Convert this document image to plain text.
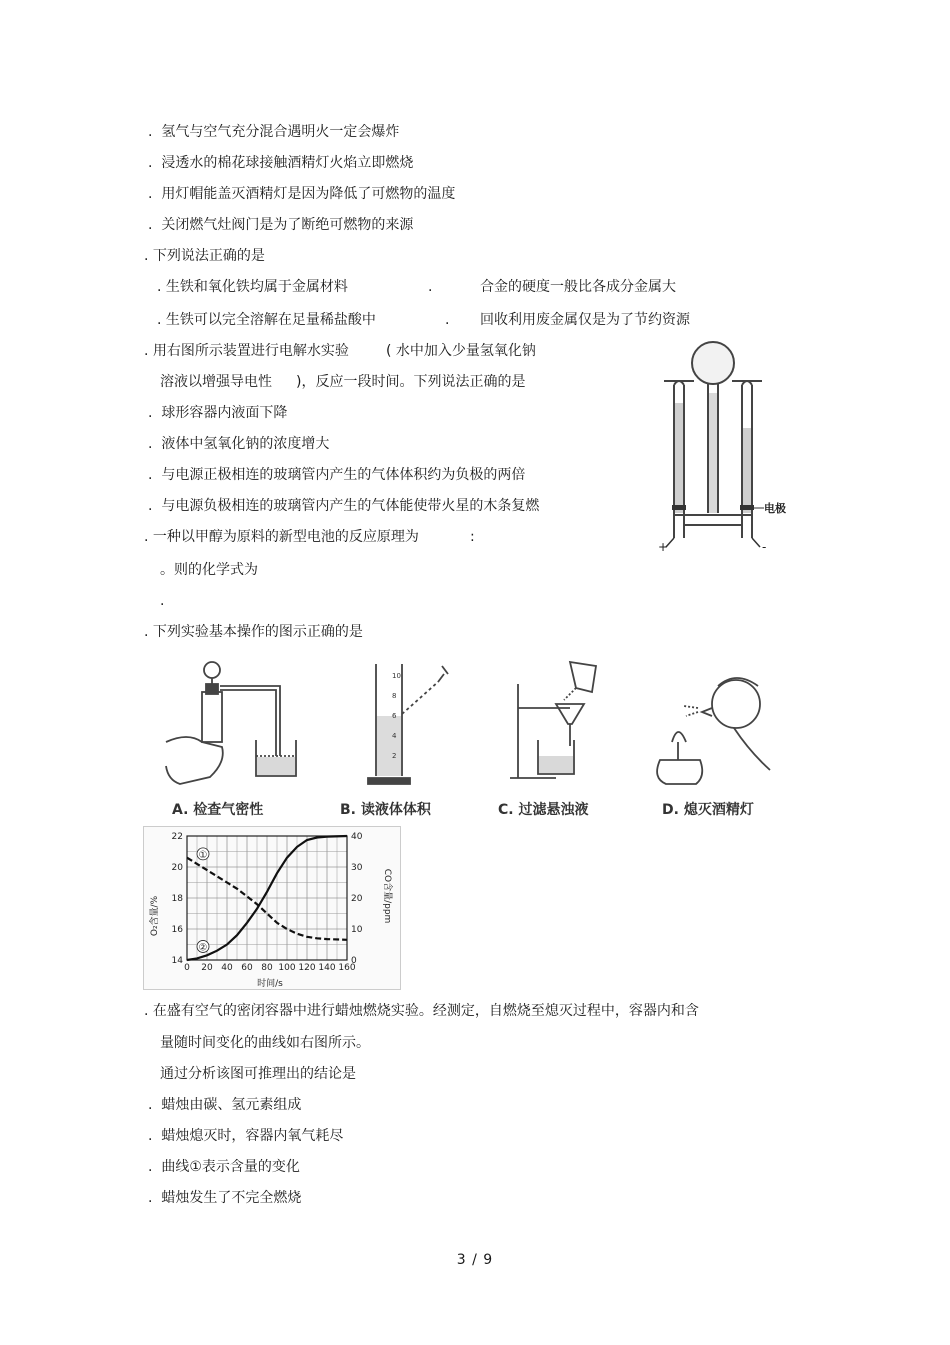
.  氢气与空气充分混合遇明火一定会爆炸
.  浸透水的棉花球接触酒精灯火焰立即燃烧
.  用灯帽能盖灭酒精灯是因为降低了可燃物的温度
.  关闭燃气灶阀门是为了断绝可燃物的来源
. 下列说法正确的是
. 生铁和氧化铁均属于金属材料	.	合金的硬度一般比各成分金属大
. 生铁可以完全溶解在足量稀盐酸中	. 回收利用废金属仅是为了节约资源
. 用右图所示装置进行电解水实验	( 水中加入少量氢氧化钠
溶液以增强导电性 )，反应一段时间。下列说法正确的是
.  球形容器内液面下降
.  液体中氢氧化钠的浓度增大
.  与电源正极相连的玻璃管内产生的气体体积约为负极的两倍
.  与电源负极相连的玻璃管内产生的气体能使带火星的木条复燃	电极
+	-
. 一种以甲醇为原料的新型电池的反应原理为	:
。则的化学式为
.
. 下列实验基本操作的图示正确的是
10
8
6
4
2
A. 检查气密性	B. 读液体体积	C. 过滤悬浊液	D. 熄灭酒精灯
0 20 40 60 80 100 120 140 160
14
16
18
20
22
0
10
20
30
40
①
②
O₂含量/%	CO含量/ppm
时间/s
. 在盛有空气的密闭容器中进行蜡烛燃烧实验。经测定，自燃烧至熄灭过程中，容器内和含
量随时间变化的曲线如右图所示。
通过分析该图可推理出的结论是
.  蜡烛由碳、氢元素组成
.  蜡烛熄灭时，容器内氧气耗尽
.  曲线①表示含量的变化
.  蜡烛发生了不完全燃烧
3 / 9
